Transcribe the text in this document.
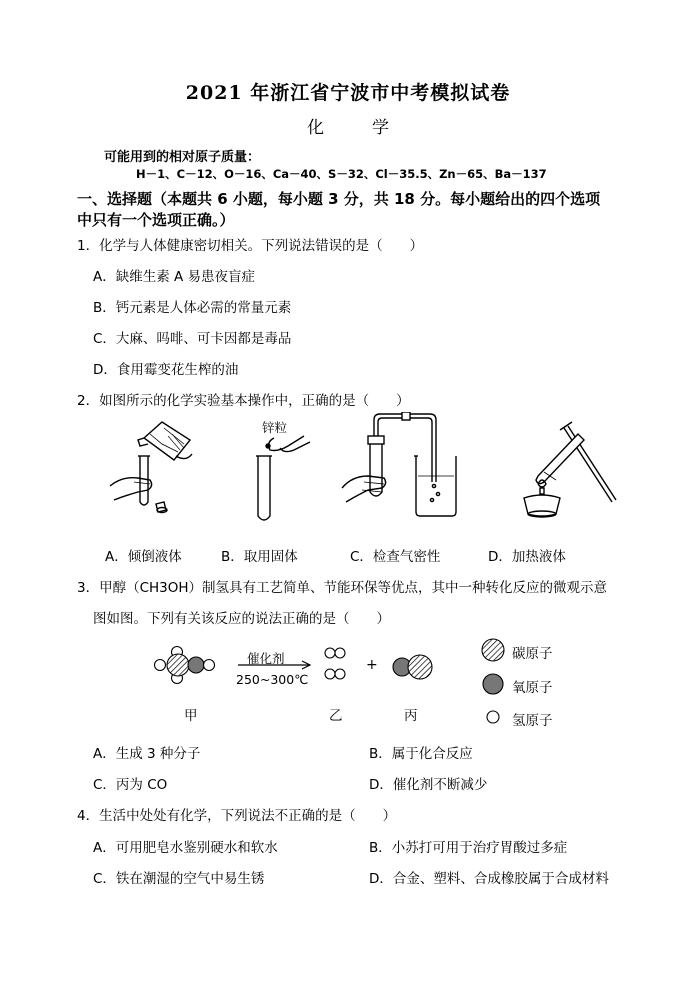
2021 年浙江省宁波市中考模拟试卷
化	学
可能用到的相对原子质量：
H－1、C－12、O－16、Ca－40、S－32、Cl－35.5、Zn－65、Ba－137
一、选择题（本题共 6 小题，每小题 3 分，共 18 分。每小题给出的四个选项
中只有一个选项正确。）
1．化学与人体健康密切相关。下列说法错误的是（　　）
A．缺维生素 A 易患夜盲症
B．钙元素是人体必需的常量元素
C．大麻、吗啡、可卡因都是毒品
D．食用霉变花生榨的油
2．如图所示的化学实验基本操作中，正确的是（　　）
锌粒
A．倾倒液体	B．取用固体	C．检查气密性	D．加热液体
3．甲醇（CH3OH）制氢具有工艺简单、节能环保等优点，其中一种转化反应的微观示意
图如图。下列有关该反应的说法正确的是（　　）
催化剂
250~300℃
+
甲	乙	丙
碳原子
氧原子
氢原子
A．生成 3 种分子	B．属于化合反应
C．丙为 CO	D．催化剂不断减少
4．生活中处处有化学，下列说法不正确的是（　　）
A．可用肥皂水鉴别硬水和软水	B．小苏打可用于治疗胃酸过多症
C．铁在潮湿的空气中易生锈	D．合金、塑料、合成橡胶属于合成材料
